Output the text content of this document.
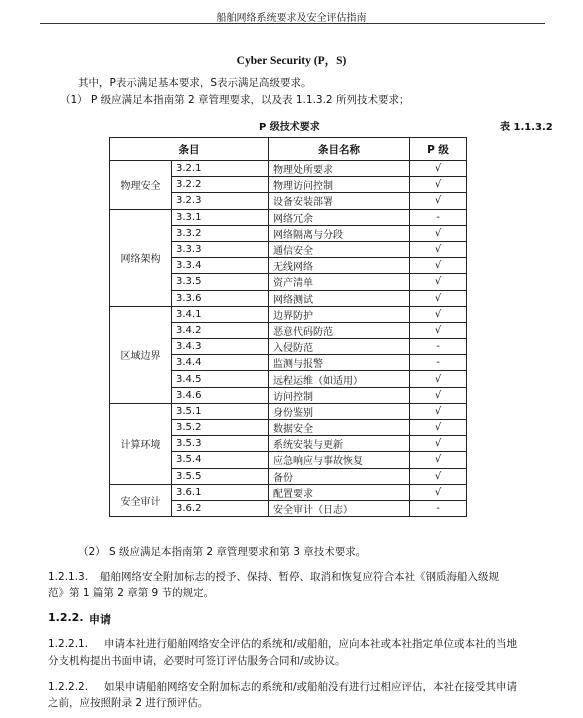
船舶网络系统要求及安全评估指南
Cyber Security (P，S)
其中，P表示满足基本要求，S表示满足高级要求。
（1） P 级应满足本指南第 2 章管理要求，以及表 1.1.3.2 所列技术要求；
P 级技术要求	表 1.1.3.2
条目		条目名称	P 级
物理安全	3.2.1	物理处所要求	√
	3.2.2	物理访问控制	√
	3.2.3	设备安装部署	√
网络架构	3.3.1	网络冗余	-
	3.3.2	网络隔离与分段	√
	3.3.3	通信安全	√
	3.3.4	无线网络	√
	3.3.5	资产清单	√
	3.3.6	网络测试	√
区域边界	3.4.1	边界防护	√
	3.4.2	恶意代码防范	√
	3.4.3	入侵防范	-
	3.4.4	监测与报警	-
	3.4.5	远程运维（如适用）	√
	3.4.6	访问控制	√
计算环境	3.5.1	身份鉴别	√
	3.5.2	数据安全	√
	3.5.3	系统安装与更新	√
	3.5.4	应急响应与事故恢复	√
	3.5.5	备份	√
安全审计	3.6.1	配置要求	√
	3.6.2	安全审计（日志）	-
（2） S 级应满足本指南第 2 章管理要求和第 3 章技术要求。
1.2.1.3. 船舶网络安全附加标志的授予、保持、暂停、取消和恢复应符合本社《钢质海船入级规
范》第 1 篇第 2 章第 9 节的规定。
1.2.2. 申请
1.2.2.1. 申请本社进行船舶网络安全评估的系统和/或船舶，应向本社或本社指定单位或本社的当地
分支机构提出书面申请，必要时可签订评估服务合同和/或协议。
1.2.2.2. 如果申请船舶网络安全附加标志的系统和/或船舶没有进行过相应评估，本社在接受其申请
之前，应按照附录 2 进行预评估。
